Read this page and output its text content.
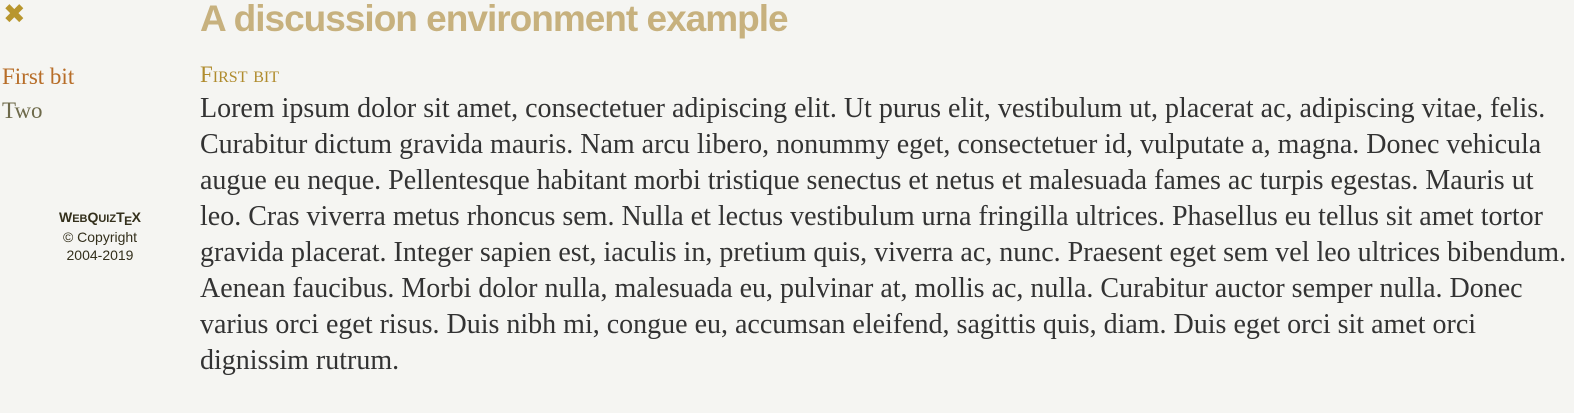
✖
First bit
Two
WEBQUIZTEX
© Copyright
2004-2019
A discussion environment example
First bit

Lorem ipsum dolor sit amet, consectetuer adipiscing elit. Ut purus elit, vestibulum ut, placerat ac, adipiscing vitae, felis. Curabitur dictum gravida mauris. Nam arcu libero, nonummy eget, consectetuer id, vulputate a, magna. Donec vehicula augue eu neque. Pellentesque habitant morbi tristique senectus et netus et malesuada fames ac turpis egestas. Mauris ut leo. Cras viverra metus rhoncus sem. Nulla et lectus vestibulum urna fringilla ultrices. Phasellus eu tellus sit amet tortor gravida placerat. Integer sapien est, iaculis in, pretium quis, viverra ac, nunc. Praesent eget sem vel leo ultrices bibendum. Aenean faucibus. Morbi dolor nulla, malesuada eu, pulvinar at, mollis ac, nulla. Curabitur auctor semper nulla. Donec varius orci eget risus. Duis nibh mi, congue eu, accumsan eleifend, sagittis quis, diam. Duis eget orci sit amet orci dignissim rutrum.
